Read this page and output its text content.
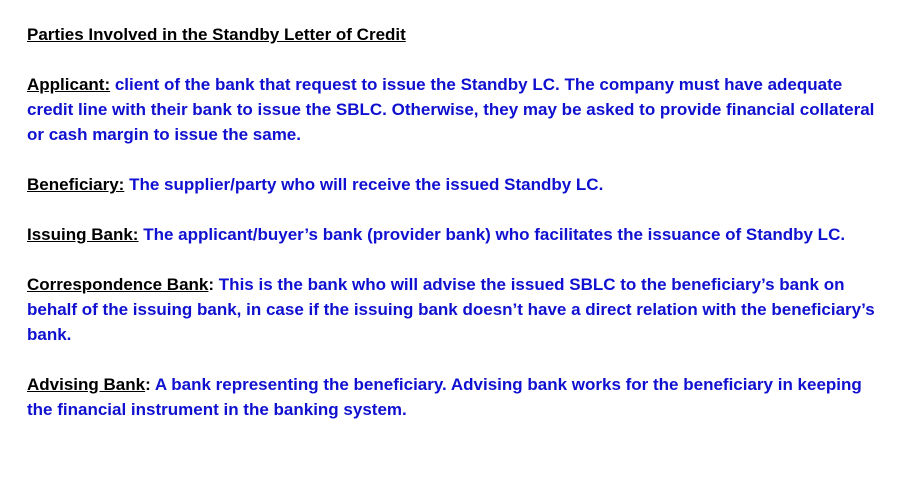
Parties Involved in the Standby Letter of Credit
Applicant: client of the bank that request to issue the Standby LC. The company must have adequate credit line with their bank to issue the SBLC. Otherwise, they may be asked to provide financial collateral or cash margin to issue the same.
Beneficiary: The supplier/party who will receive the issued Standby LC.
Issuing Bank: The applicant/buyer’s bank (provider bank) who facilitates the issuance of Standby LC.
Correspondence Bank: This is the bank who will advise the issued SBLC to the beneficiary’s bank on behalf of the issuing bank, in case if the issuing bank doesn’t have a direct relation with the beneficiary’s bank.
Advising Bank: A bank representing the beneficiary. Advising bank works for the beneficiary in keeping the financial instrument in the banking system.
